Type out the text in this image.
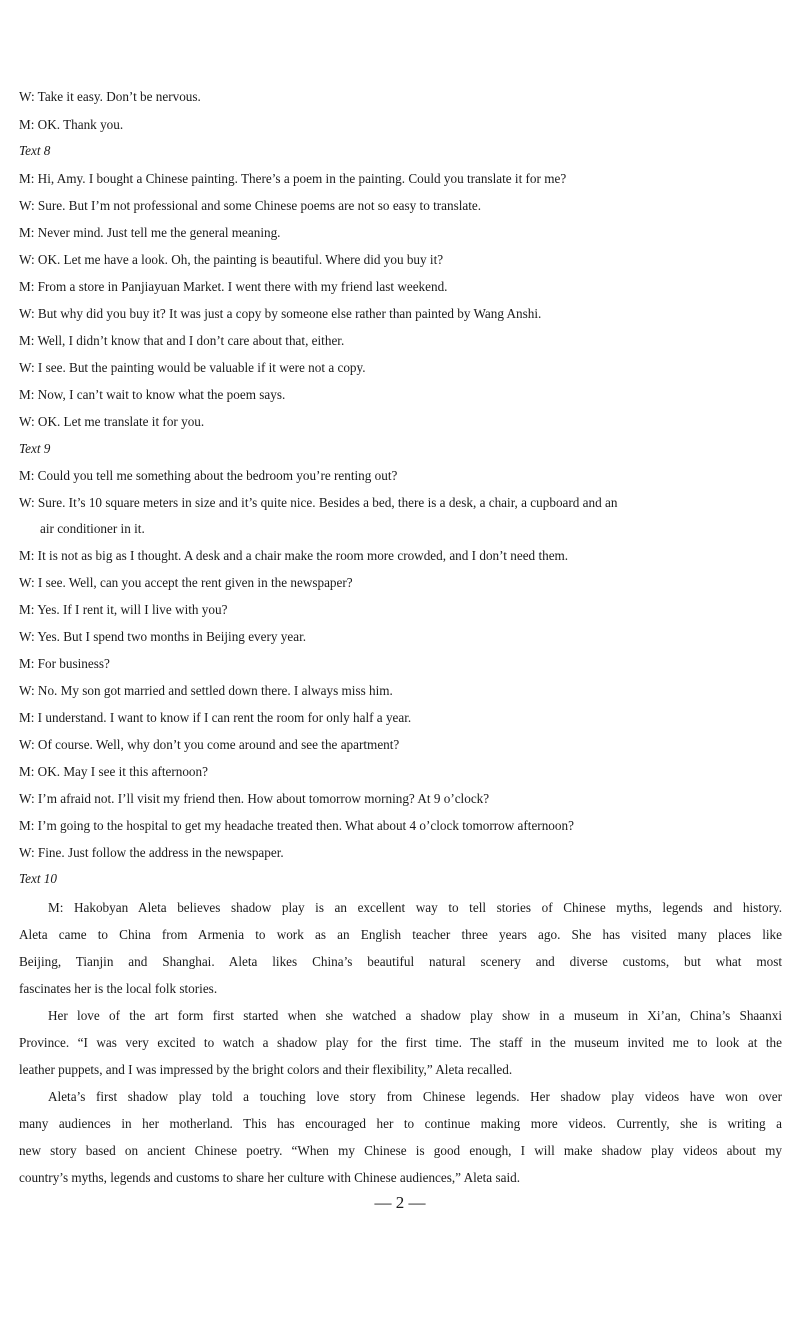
W: Take it easy. Don’t be nervous.
M: OK. Thank you.
Text 8
M: Hi, Amy. I bought a Chinese painting. There’s a poem in the painting. Could you translate it for me?
W: Sure. But I’m not professional and some Chinese poems are not so easy to translate.
M: Never mind. Just tell me the general meaning.
W: OK. Let me have a look. Oh, the painting is beautiful. Where did you buy it?
M: From a store in Panjiayuan Market. I went there with my friend last weekend.
W: But why did you buy it? It was just a copy by someone else rather than painted by Wang Anshi.
M: Well, I didn’t know that and I don’t care about that, either.
W: I see. But the painting would be valuable if it were not a copy.
M: Now, I can’t wait to know what the poem says.
W: OK. Let me translate it for you.
Text 9
M: Could you tell me something about the bedroom you’re renting out?
W: Sure. It’s 10 square meters in size and it’s quite nice. Besides a bed, there is a desk, a chair, a cupboard and an
air conditioner in it.
M: It is not as big as I thought. A desk and a chair make the room more crowded, and I don’t need them.
W: I see. Well, can you accept the rent given in the newspaper?
M: Yes. If I rent it, will I live with you?
W: Yes. But I spend two months in Beijing every year.
M: For business?
W: No. My son got married and settled down there. I always miss him.
M: I understand. I want to know if I can rent the room for only half a year.
W: Of course. Well, why don’t you come around and see the apartment?
M: OK. May I see it this afternoon?
W: I’m afraid not. I’ll visit my friend then. How about tomorrow morning? At 9 o’clock?
M: I’m going to the hospital to get my headache treated then. What about 4 o’clock tomorrow afternoon?
W: Fine. Just follow the address in the newspaper.
Text 10
M: Hakobyan Aleta believes shadow play is an excellent way to tell stories of Chinese myths, legends and history.
Aleta came to China from Armenia to work as an English teacher three years ago. She has visited many places like
Beijing, Tianjin and Shanghai. Aleta likes China’s beautiful natural scenery and diverse customs, but what most
fascinates her is the local folk stories.
Her love of the art form first started when she watched a shadow play show in a museum in Xi’an, China’s Shaanxi
Province. “I was very excited to watch a shadow play for the first time. The staff in the museum invited me to look at the
leather puppets, and I was impressed by the bright colors and their flexibility,” Aleta recalled.
Aleta’s first shadow play told a touching love story from Chinese legends. Her shadow play videos have won over
many audiences in her motherland. This has encouraged her to continue making more videos. Currently, she is writing a
new story based on ancient Chinese poetry. “When my Chinese is good enough, I will make shadow play videos about my
country’s myths, legends and customs to share her culture with Chinese audiences,” Aleta said.
— 2 —
